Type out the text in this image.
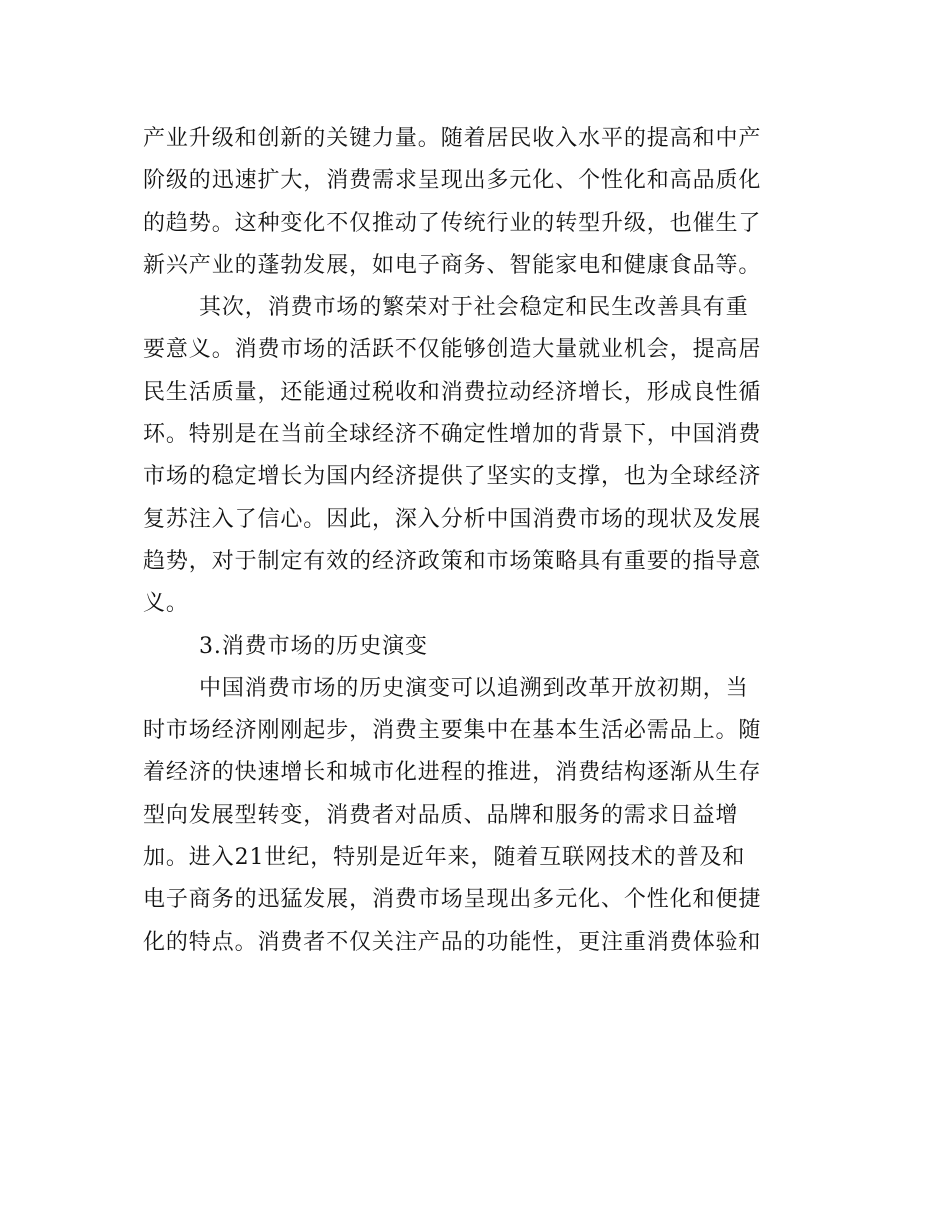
产业升级和创新的关键力量。随着居民收入水平的提高和中产
阶级的迅速扩大，消费需求呈现出多元化、个性化和高品质化
的趋势。这种变化不仅推动了传统行业的转型升级，也催生了
新兴产业的蓬勃发展，如电子商务、智能家电和健康食品等。
其次，消费市场的繁荣对于社会稳定和民生改善具有重
要意义。消费市场的活跃不仅能够创造大量就业机会，提高居
民生活质量，还能通过税收和消费拉动经济增长，形成良性循
环。特别是在当前全球经济不确定性增加的背景下，中国消费
市场的稳定增长为国内经济提供了坚实的支撑，也为全球经济
复苏注入了信心。因此，深入分析中国消费市场的现状及发展
趋势，对于制定有效的经济政策和市场策略具有重要的指导意
义。
3.消费市场的历史演变
中国消费市场的历史演变可以追溯到改革开放初期，当
时市场经济刚刚起步，消费主要集中在基本生活必需品上。随
着经济的快速增长和城市化进程的推进，消费结构逐渐从生存
型向发展型转变，消费者对品质、品牌和服务的需求日益增
加。进入21世纪，特别是近年来，随着互联网技术的普及和
电子商务的迅猛发展，消费市场呈现出多元化、个性化和便捷
化的特点。消费者不仅关注产品的功能性，更注重消费体验和
